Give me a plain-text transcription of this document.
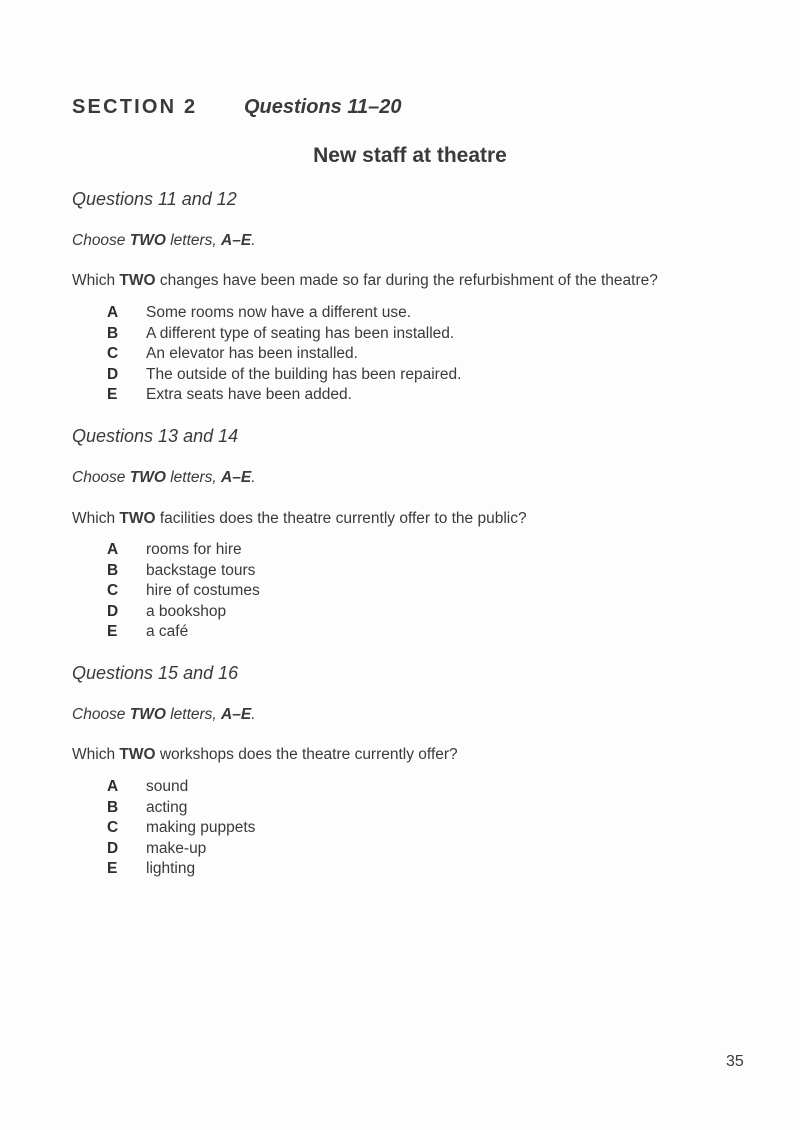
SECTION 2 Questions 11–20
New staff at theatre

Questions 11 and 12

Choose TWO letters, A–E.

Which TWO changes have been made so far during the refurbishment of the theatre?

A Some rooms now have a different use.
B A different type of seating has been installed.
C An elevator has been installed.
D The outside of the building has been repaired.
E Extra seats have been added.

Questions 13 and 14

Choose TWO letters, A–E.

Which TWO facilities does the theatre currently offer to the public?

A rooms for hire
B backstage tours
C hire of costumes
D a bookshop
E a café

Questions 15 and 16

Choose TWO letters, A–E.

Which TWO workshops does the theatre currently offer?

A sound
B acting
C making puppets
D make-up
E lighting
35
